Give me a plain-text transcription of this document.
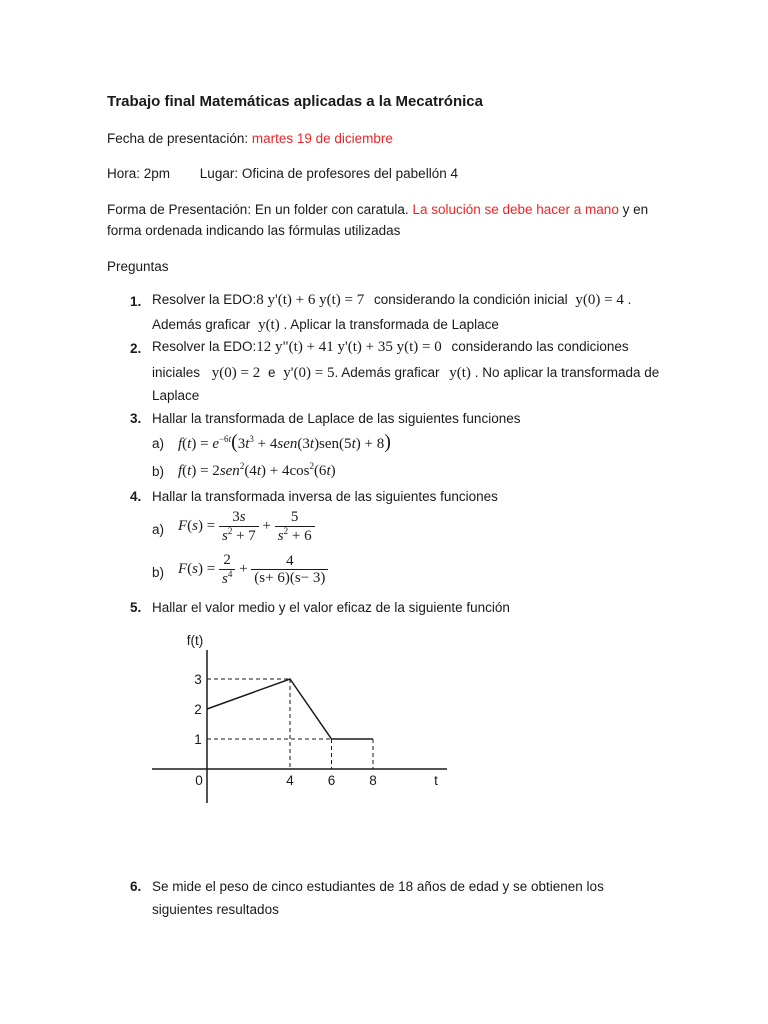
Trabajo final Matemáticas aplicadas a la Mecatrónica
Fecha de presentación: martes 19 de diciembre
Hora: 2pm Lugar: Oficina de profesores del pabellón 4
Forma de Presentación: En un folder con caratula. La solución se debe hacer a mano y en
forma ordenada indicando las fórmulas utilizadas
Preguntas
1. Resolver la EDO:8 y'(t) + 6 y(t) = 7 considerando la condición inicial y(0) = 4 .
Además graficar y(t) . Aplicar la transformada de Laplace
2. Resolver la EDO:12 y"(t) + 41 y'(t) + 35 y(t) = 0 considerando las condiciones
iniciales y(0) = 2 e y'(0) = 5. Además graficar y(t) . No aplicar la transformada de
Laplace
3. Hallar la transformada de Laplace de las siguientes funciones
a) $f(t) = e^{-6t}(3t^3 + 4sen(3t)sen(5t) + 8)$
b) $f(t) = 2sen^2(4t) + 4\cos^2(6t)$
4. Hallar la transformada inversa de las siguientes funciones
a) $F(s) = \frac{3s}{s^2 + 7} + \frac{5}{s^2 + 6}$
b) $F(s) = \frac{2}{s^4} + \frac{4}{(s+ 6)(s- 3)}$
5. Hallar el valor medio y el valor eficaz de la siguiente función
f(t)
t
0	4	6	8
1
2
3
6. Se mide el peso de cinco estudiantes de 18 años de edad y se obtienen los
siguientes resultados
